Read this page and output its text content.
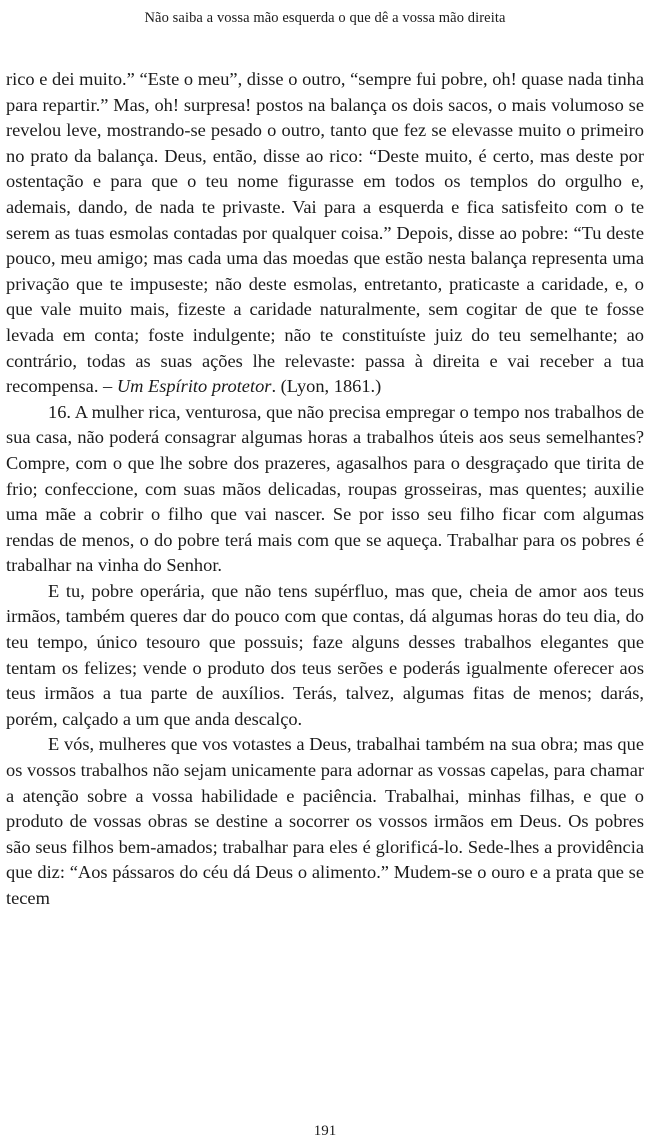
Não saiba a vossa mão esquerda o que dê a vossa mão direita

rico e dei muito.” “Este o meu”, disse o outro, “sempre fui pobre, oh! quase nada tinha para repartir.” Mas, oh! surpresa! postos na balança os dois sacos, o mais volumoso se revelou leve, mostrando-se pesado o outro, tanto que fez se elevasse muito o primeiro no prato da balança. Deus, então, disse ao rico: “Deste muito, é certo, mas deste por ostentação e para que o teu nome figurasse em todos os templos do orgulho e, ademais, dando, de nada te privaste. Vai para a esquerda e fica satisfeito com o te serem as tuas esmolas contadas por qualquer coisa.” Depois, disse ao pobre: “Tu deste pouco, meu amigo; mas cada uma das moedas que estão nesta balança representa uma privação que te impuseste; não deste esmolas, entretanto, praticaste a caridade, e, o que vale muito mais, fizeste a caridade naturalmente, sem cogitar de que te fosse levada em conta; foste indulgente; não te constituíste juiz do teu semelhante; ao contrário, todas as suas ações lhe relevaste: passa à direita e vai receber a tua recompensa. – Um Espírito protetor. (Lyon, 1861.)

16. A mulher rica, venturosa, que não precisa empregar o tempo nos trabalhos de sua casa, não poderá consagrar algumas horas a trabalhos úteis aos seus semelhantes? Compre, com o que lhe sobre dos prazeres, agasalhos para o desgraçado que tirita de frio; confeccione, com suas mãos delicadas, roupas grosseiras, mas quentes; auxilie uma mãe a cobrir o filho que vai nascer. Se por isso seu filho ficar com algumas rendas de menos, o do pobre terá mais com que se aqueça. Trabalhar para os pobres é trabalhar na vinha do Senhor.

E tu, pobre operária, que não tens supérfluo, mas que, cheia de amor aos teus irmãos, também queres dar do pouco com que contas, dá algumas horas do teu dia, do teu tempo, único tesouro que possuis; faze alguns desses trabalhos elegantes que tentam os felizes; vende o produto dos teus serões e poderás igualmente oferecer aos teus irmãos a tua parte de auxílios. Terás, talvez, algumas fitas de menos; darás, porém, calçado a um que anda descalço.

E vós, mulheres que vos votastes a Deus, trabalhai também na sua obra; mas que os vossos trabalhos não sejam unicamente para adornar as vossas capelas, para chamar a atenção sobre a vossa habilidade e paciência. Trabalhai, minhas filhas, e que o produto de vossas obras se destine a socorrer os vossos irmãos em Deus. Os pobres são seus filhos bem-amados; trabalhar para eles é glorificá-lo. Sede-lhes a providência que diz: “Aos pássaros do céu dá Deus o alimento.” Mudem-se o ouro e a prata que se tecem

191
